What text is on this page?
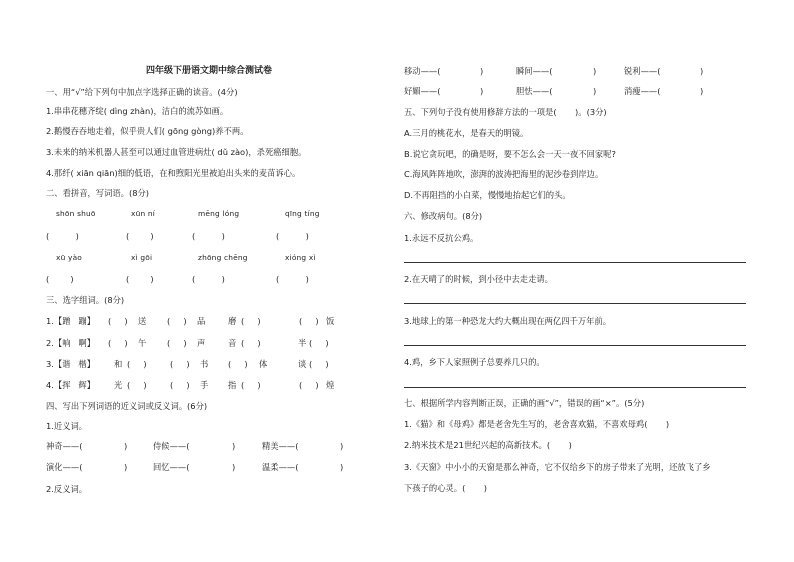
四年级下册语文期中综合测试卷
一、用“√”给下列句中加点字选择正确的读音。(4分)
1.串串花穗齐绽( dìng zhàn)，洁白的流苏如画。
2.鹅慢吞吞地走着，似乎贵人们( gōng gòng)养不两。
3.未来的纳米机器人甚至可以通过血管进病灶( dǔ zào)，杀死癌细胞。
4.那纤( xiān qiān)细的低语，在和煦阳光里被迫出头来的麦苗诉心。
二、看拼音，写词语。(8分)
shōn shuō	xūn ní	mēng lóng	qīng tíng
(          )	(        )	(          )	(          )
xū yào	xì gōi	zhōng chēng	xióng xì
(        )	(        )	(          )	(          )
三、选字组词。(8分)
1.【蹭   蹦】 (     ) 送 (     ) 品	磨 (     )	(     ) 饭
2.【响   啊】 (     ) 午 (     ) 声	音 (     )	半 (     )
3.【谐   楷】 和 (     )	(     ) 书 (     ) 体	谈 (     )
4.【挥   辉】 光 (     )	(     ) 手 指 (     )	(     ) 煌
四、写出下列词语的近义词或反义词。(6分)
1.近义词。
神奇——(	)	侍候——(	)	精美——(	)
演化——(	)	回忆——(	)	温柔——(	)
2.反义词。
移动——(	)	瞬间——(	)	锐利——(	)
好媚——(	)	胆怯——(	)	消瘦——(	)
五、下列句子没有使用修辞方法的一项是(       )。(3分)
A.三月的桃花水，是春天的明镜。
B.说它贪玩吧，的确是呀，要不怎么会一天一夜不回家呢?
C.海风阵阵地吹，澎湃的波涛把海里的泥沙卷到岸边。
D.不再阻挡的小白菜，慢慢地抬起它们的头。
六、修改病句。(8分)
1.永远不反抗公鸡。
2.在天晴了的时候，到小径中去走走请。
3.地球上的第一种恐龙大约大概出现在两亿四千万年前。
4.鸡，乡下人家照例子总要养几只的。
七、根据所学内容判断正误，正确的画“√”，错误的画“×”。(5分)
1.《猫》和《母鸡》都是老舍先生写的，老舍喜欢猫，不喜欢母鸡(       )
2.纳米技术是21世纪兴起的高新技术。(       )
3.《天窗》中小小的天窗是那么神奇，它不仅给乡下的房子带来了光明，还放飞了乡
下孩子的心灵。(       )
